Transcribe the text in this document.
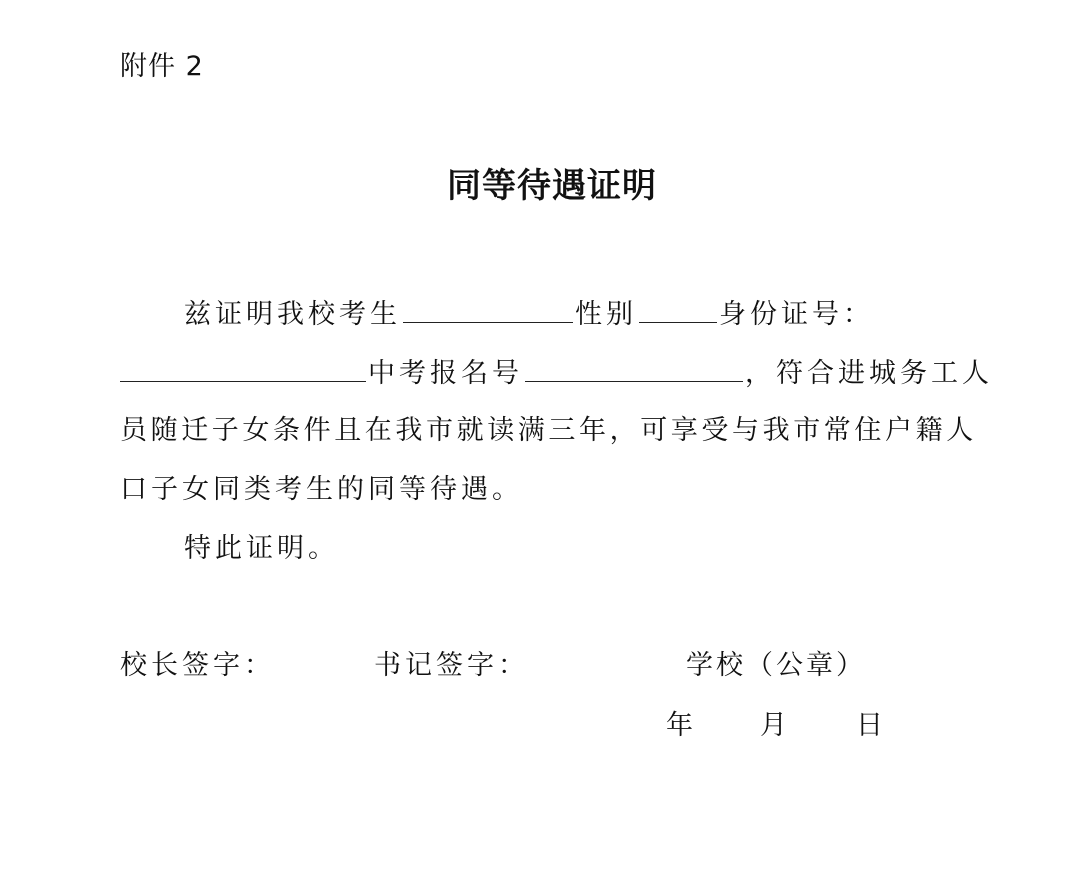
附件 2
同等待遇证明
兹证明我校考生	性别	身份证号：
中考报名号	，符合进城务工人
员随迁子女条件且在我市就读满三年，可享受与我市常住户籍人
口子女同类考生的同等待遇。
特此证明。
校长签字：	书记签字：	学校（公章）
年 月 日
